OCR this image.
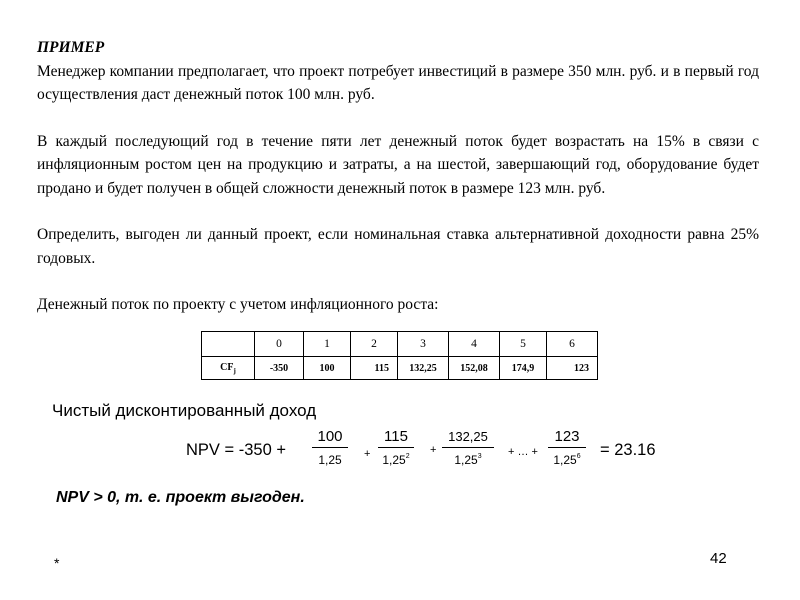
ПРИМЕР

Менеджер компании предполагает, что проект потребует инвестиций в размере 350 млн. руб. и в первый год осуществления даст денежный поток 100 млн. руб.

В каждый последующий год в течение пяти лет денежный поток будет возрастать на 15% в связи с инфляционным ростом цен на продукцию и затраты, а на шестой, завершающий год, оборудование будет продано и будет получен в общей сложности денежный поток в размере 123 млн. руб.

Определить, выгоден ли данный проект, если номинальная ставка альтернативной доходности равна 25% годовых.

Денежный поток по проекту с учетом инфляционного роста:

	0	1	2	3	4	5	6
$CF_j$	-350	100	115	132,25	152,08	174,9	123
Чистый дисконтированный доход
NPV = -350 +
100
1,25	+
115
$1,25^2$
+
132,25
$1,25^3$	+ … +
123
$1,25^6$	= 23.16
NPV > 0, т. е. проект выгоден.
*	42
